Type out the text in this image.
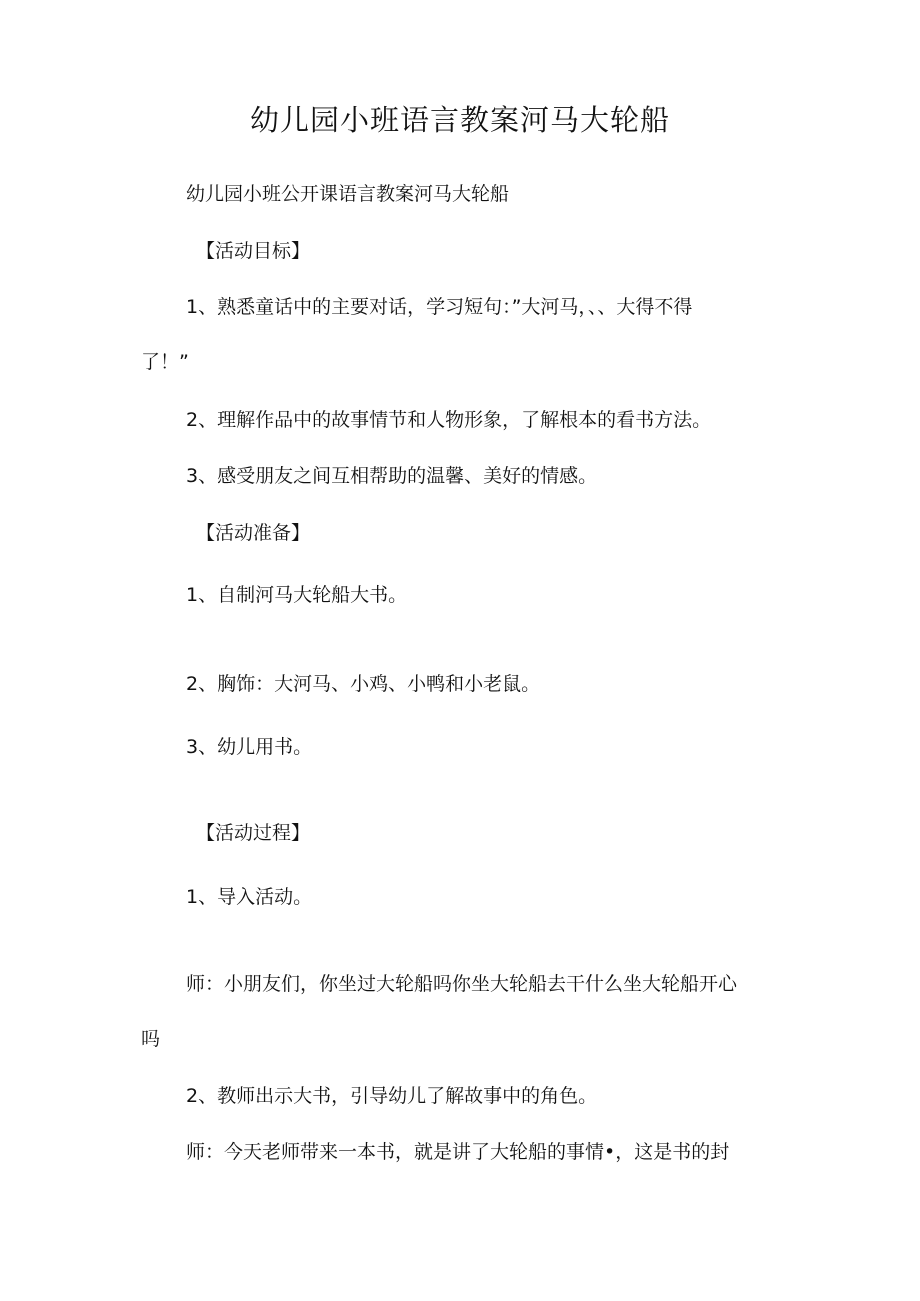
幼儿园小班语言教案河马大轮船
幼儿园小班公开课语言教案河马大轮船
【活动目标】
1、熟悉童话中的主要对话，学习短句：”大河马，、、大得不得
了！”
2、理解作品中的故事情节和人物形象，了解根本的看书方法。
3、感受朋友之间互相帮助的温馨、美好的情感。
【活动准备】
1、自制河马大轮船大书。
2、胸饰：大河马、小鸡、小鸭和小老鼠。
3、幼儿用书。
【活动过程】
1、导入活动。
师：小朋友们，你坐过大轮船吗你坐大轮船去干什么坐大轮船开心
吗
2、教师出示大书，引导幼儿了解故事中的角色。
师：今天老师带来一本书，就是讲了大轮船的事情•，这是书的封
